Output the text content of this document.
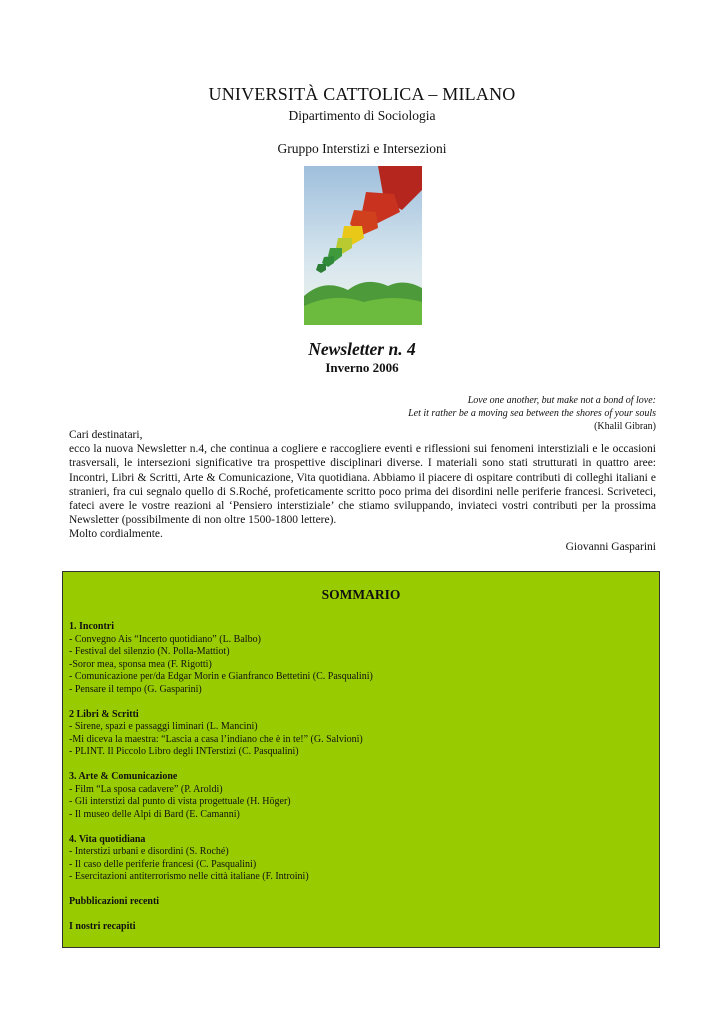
UNIVERSITÀ CATTOLICA – MILANO
Dipartimento di Sociologia
Gruppo Interstizi e Intersezioni
Newsletter n. 4
Inverno 2006
Love one another, but make not a bond of love:
Let it rather be a moving sea between the shores of your souls
(Khalil Gibran)

Cari destinatari,

ecco la nuova Newsletter n.4, che continua a cogliere e raccogliere eventi e riflessioni sui fenomeni interstiziali e le occasioni trasversali, le intersezioni significative tra prospettive disciplinari diverse. I materiali sono stati strutturati in quattro aree: Incontri, Libri & Scritti, Arte & Comunicazione, Vita quotidiana. Abbiamo il piacere di ospitare contributi di colleghi italiani e stranieri, fra cui segnalo quello di S.Roché, profeticamente scritto poco prima dei disordini nelle periferie francesi. Scriveteci, fateci avere le vostre reazioni al ‘Pensiero interstiziale’ che stiamo sviluppando, inviateci vostri contributi per la prossima Newsletter (possibilmente di non oltre 1500-1800 lettere).

Molto cordialmente.

Giovanni Gasparini
SOMMARIO
1. Incontri
- Convegno Ais “Incerto quotidiano” (L. Balbo)
- Festival del silenzio (N. Polla-Mattiot)
-Soror mea, sponsa mea (F. Rigotti)
- Comunicazione per/da Edgar Morin e Gianfranco Bettetini (C. Pasqualini)
- Pensare il tempo (G. Gasparini)
2 Libri & Scritti
- Sirene, spazi e passaggi liminari (L. Mancini)
-Mi diceva la maestra: “Lascia a casa l’indiano che è in te!” (G. Salvioni)
- PLINT. Il Piccolo Libro degli INTerstizi (C. Pasqualini)
3. Arte & Comunicazione
- Film “La sposa cadavere” (P. Aroldi)
- Gli interstizi dal punto di vista progettuale (H. Höger)
- Il museo delle Alpi di Bard (E. Camanni)
4. Vita quotidiana
- Interstizi urbani e disordini (S. Roché)
- Il caso delle periferie francesi (C. Pasqualini)
- Esercitazioni antiterrorismo nelle città italiane (F. Introini)
Pubblicazioni recenti
I nostri recapiti
